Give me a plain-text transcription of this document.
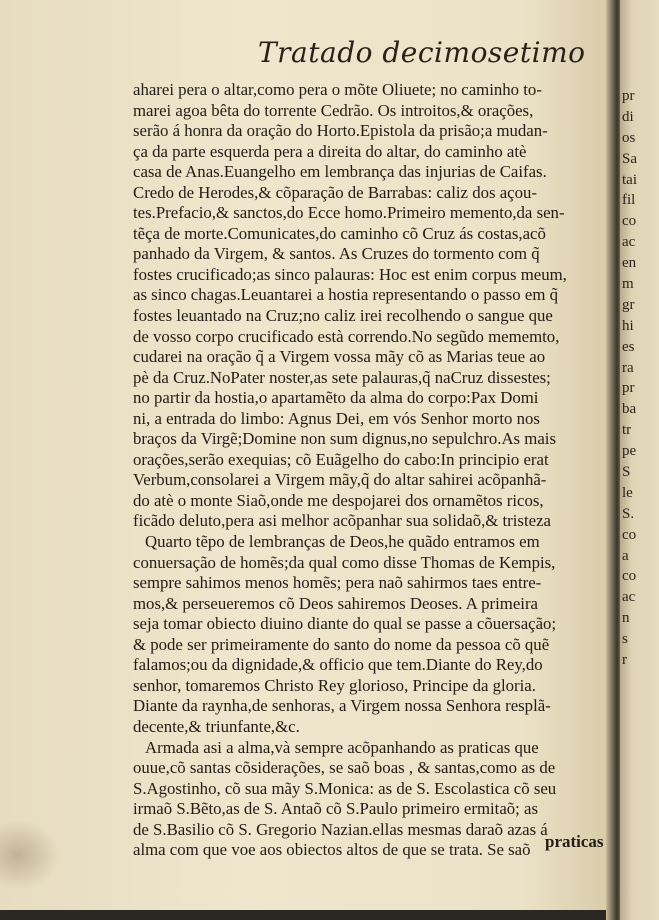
Tratado decimosetimo
aharei pera o altar,como pera o mõte Oliuete; no caminho to-
marei agoa bêta do torrente Cedrão. Os introitos,& orações,
serão á honra da oração do Horto.Epistola da prisão;a mudan-
ça da parte esquerda pera a direita do altar, do caminho atè
casa de Anas.Euangelho em lembrança das injurias de Caifas.
Credo de Herodes,& cõparação de Barrabas: caliz dos açou-
tes.Prefacio,& sanctos,do Ecce homo.Primeiro memento,da sen-
tẽça de morte.Comunicates,do caminho cõ Cruz ás costas,acõ
panhado da Virgem, & santos. As Cruzes do tormento com q̃
fostes crucificado;as sinco palauras: Hoc est enim corpus meum,
as sinco chagas.Leuantarei a hostia representando o passo em q̃
fostes leuantado na Cruz;no caliz irei recolhendo o sangue que
de vosso corpo crucificado està correndo.No segũdo mememto,
cudarei na oração q̃ a Virgem vossa mãy cõ as Marias teue ao
pè da Cruz.NoPater noster,as sete palauras,q̃ naCruz dissestes;
no partir da hostia,o apartamẽto da alma do corpo:Pax Domi
ni, a entrada do limbo: Agnus Dei, em vós Senhor morto nos
braços da Virgẽ;Domine non sum dignus,no sepulchro.As mais
orações,serão exequias; cõ Euãgelho do cabo:In principio erat
Verbum,consolarei a Virgem mãy,q̃ do altar sahirei acõpanhã-
do atè o monte Siaõ,onde me despojarei dos ornamẽtos ricos,
ficãdo deluto,pera asi melhor acõpanhar sua solidaõ,& tristeza
Quarto tẽpo de lembranças de Deos,he quãdo entramos em
conuersação de homẽs;da qual como disse Thomas de Kempis,
sempre sahimos menos homẽs; pera naõ sahirmos taes entre-
mos,& perseueremos cõ Deos sahiremos Deoses. A primeira
seja tomar obiecto diuino diante do qual se passe a cõuersação;
& pode ser primeiramente do santo do nome da pessoa cõ quẽ
falamos;ou da dignidade,& officio que tem.Diante do Rey,do
senhor, tomaremos Christo Rey glorioso, Principe da gloria.
Diante da raynha,de senhoras, a Virgem nossa Senhora resplã-
decente,& triunfante,&c.
Armada asi a alma,và sempre acõpanhando as praticas que
ouue,cõ santas cõsiderações, se saõ boas , & santas,como as de
S.Agostinho, cõ sua mãy S.Monica: as de S. Escolastica cõ seu
irmaõ S.Bẽto,as de S. Antaõ cõ S.Paulo primeiro ermitaõ; as
de S.Basilio cõ S. Gregorio Nazian.ellas mesmas daraõ azas á
alma com que voe aos obiectos altos de que se trata. Se saõ praticas
pr
di
os
Sa
tai
fil
co
ac
en
m
gr
hi
es
ra
pr
ba
tr
pe
S
le
S.
co
a
co
ac
n
s
r
